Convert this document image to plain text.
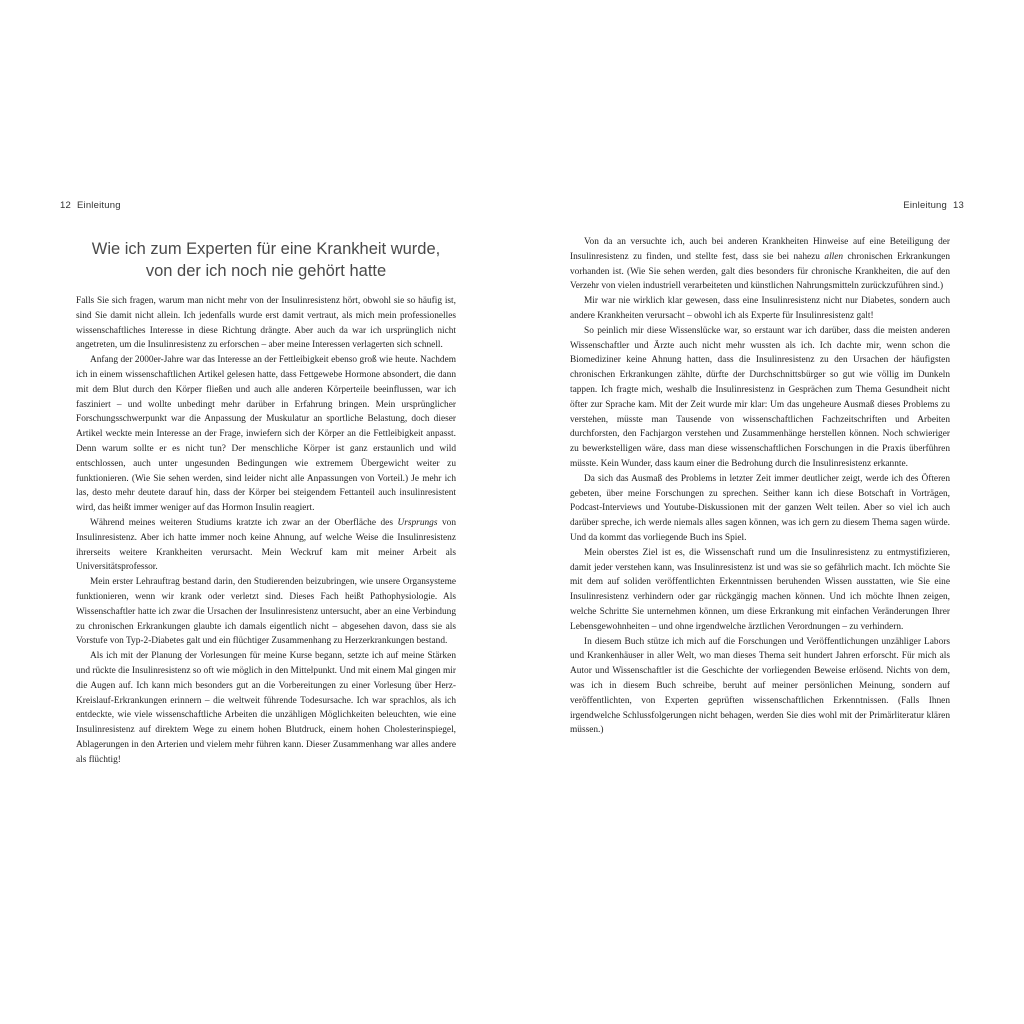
12 Einleitung
Wie ich zum Experten für eine Krankheit wurde,
von der ich noch nie gehört hatte

Falls Sie sich fragen, warum man nicht mehr von der Insulinresistenz hört, obwohl sie so häufig ist, sind Sie damit nicht allein. Ich jedenfalls wurde erst damit vertraut, als mich mein professionelles wissenschaftliches Interesse in diese Richtung drängte. Aber auch da war ich ursprünglich nicht angetreten, um die Insulinresistenz zu erforschen – aber meine Interessen verlagerten sich schnell.

Anfang der 2000er-Jahre war das Interesse an der Fettleibigkeit ebenso groß wie heute. Nachdem ich in einem wissenschaftlichen Artikel gelesen hatte, dass Fettgewebe Hormone absondert, die dann mit dem Blut durch den Körper fließen und auch alle anderen Körperteile beeinflussen, war ich fasziniert – und wollte unbedingt mehr darüber in Erfahrung bringen. Mein ursprünglicher Forschungsschwerpunkt war die Anpassung der Muskulatur an sportliche Belastung, doch dieser Artikel weckte mein Interesse an der Frage, inwiefern sich der Körper an die Fettleibigkeit anpasst. Denn warum sollte er es nicht tun? Der menschliche Körper ist ganz erstaunlich und wild entschlossen, auch unter ungesunden Bedingungen wie extremem Übergewicht weiter zu funktionieren. (Wie Sie sehen werden, sind leider nicht alle Anpassungen von Vorteil.) Je mehr ich las, desto mehr deutete darauf hin, dass der Körper bei steigendem Fettanteil auch insulinresistent wird, das heißt immer weniger auf das Hormon Insulin reagiert.

Während meines weiteren Studiums kratzte ich zwar an der Oberfläche des Ursprungs von Insulinresistenz. Aber ich hatte immer noch keine Ahnung, auf welche Weise die Insulinresistenz ihrerseits weitere Krankheiten verursacht. Mein Weckruf kam mit meiner Arbeit als Universitätsprofessor.

Mein erster Lehrauftrag bestand darin, den Studierenden beizubringen, wie unsere Organsysteme funktionieren, wenn wir krank oder verletzt sind. Dieses Fach heißt Pathophysiologie. Als Wissenschaftler hatte ich zwar die Ursachen der Insulinresistenz untersucht, aber an eine Verbindung zu chronischen Erkrankungen glaubte ich damals eigentlich nicht – abgesehen davon, dass sie als Vorstufe von Typ-2-Diabetes galt und ein flüchtiger Zusammenhang zu Herzerkrankungen bestand.

Als ich mit der Planung der Vorlesungen für meine Kurse begann, setzte ich auf meine Stärken und rückte die Insulinresistenz so oft wie möglich in den Mittelpunkt. Und mit einem Mal gingen mir die Augen auf. Ich kann mich besonders gut an die Vorbereitungen zu einer Vorlesung über Herz-Kreislauf-Erkrankungen erinnern – die weltweit führende Todesursache. Ich war sprachlos, als ich entdeckte, wie viele wissenschaftliche Arbeiten die unzähligen Möglichkeiten beleuchten, wie eine Insulinresistenz auf direktem Wege zu einem hohen Blutdruck, einem hohen Cholesterinspiegel, Ablagerungen in den Arterien und vielem mehr führen kann. Dieser Zusammenhang war alles andere als flüchtig!

Einleitung 13

Von da an versuchte ich, auch bei anderen Krankheiten Hinweise auf eine Beteiligung der Insulinresistenz zu finden, und stellte fest, dass sie bei nahezu allen chronischen Erkrankungen vorhanden ist. (Wie Sie sehen werden, galt dies besonders für chronische Krankheiten, die auf den Verzehr von vielen industriell verarbeiteten und künstlichen Nahrungsmitteln zurückzuführen sind.)

Mir war nie wirklich klar gewesen, dass eine Insulinresistenz nicht nur Diabetes, sondern auch andere Krankheiten verursacht – obwohl ich als Experte für Insulinresistenz galt!

So peinlich mir diese Wissenslücke war, so erstaunt war ich darüber, dass die meisten anderen Wissenschaftler und Ärzte auch nicht mehr wussten als ich. Ich dachte mir, wenn schon die Biomediziner keine Ahnung hatten, dass die Insulinresistenz zu den Ursachen der häufigsten chronischen Erkrankungen zählte, dürfte der Durchschnittsbürger so gut wie völlig im Dunkeln tappen. Ich fragte mich, weshalb die Insulinresistenz in Gesprächen zum Thema Gesundheit nicht öfter zur Sprache kam. Mit der Zeit wurde mir klar: Um das ungeheure Ausmaß dieses Problems zu verstehen, müsste man Tausende von wissenschaftlichen Fachzeitschriften und Arbeiten durchforsten, den Fachjargon verstehen und Zusammenhänge herstellen können. Noch schwieriger zu bewerkstelligen wäre, dass man diese wissenschaftlichen Forschungen in die Praxis überführen müsste. Kein Wunder, dass kaum einer die Bedrohung durch die Insulinresistenz erkannte.

Da sich das Ausmaß des Problems in letzter Zeit immer deutlicher zeigt, werde ich des Öfteren gebeten, über meine Forschungen zu sprechen. Seither kann ich diese Botschaft in Vorträgen, Podcast-Interviews und Youtube-Diskussionen mit der ganzen Welt teilen. Aber so viel ich auch darüber spreche, ich werde niemals alles sagen können, was ich gern zu diesem Thema sagen würde. Und da kommt das vorliegende Buch ins Spiel.

Mein oberstes Ziel ist es, die Wissenschaft rund um die Insulinresistenz zu entmystifizieren, damit jeder verstehen kann, was Insulinresistenz ist und was sie so gefährlich macht. Ich möchte Sie mit dem auf soliden veröffentlichten Erkenntnissen beruhenden Wissen ausstatten, wie Sie eine Insulinresistenz verhindern oder gar rückgängig machen können. Und ich möchte Ihnen zeigen, welche Schritte Sie unternehmen können, um diese Erkrankung mit einfachen Veränderungen Ihrer Lebensgewohnheiten – und ohne irgendwelche ärztlichen Verordnungen – zu verhindern.

In diesem Buch stütze ich mich auf die Forschungen und Veröffentlichungen unzähliger Labors und Krankenhäuser in aller Welt, wo man dieses Thema seit hundert Jahren erforscht. Für mich als Autor und Wissenschaftler ist die Geschichte der vorliegenden Beweise erlösend. Nichts von dem, was ich in diesem Buch schreibe, beruht auf meiner persönlichen Meinung, sondern auf veröffentlichten, von Experten geprüften wissenschaftlichen Erkenntnissen. (Falls Ihnen irgendwelche Schlussfolgerungen nicht behagen, werden Sie dies wohl mit der Primärliteratur klären müssen.)
